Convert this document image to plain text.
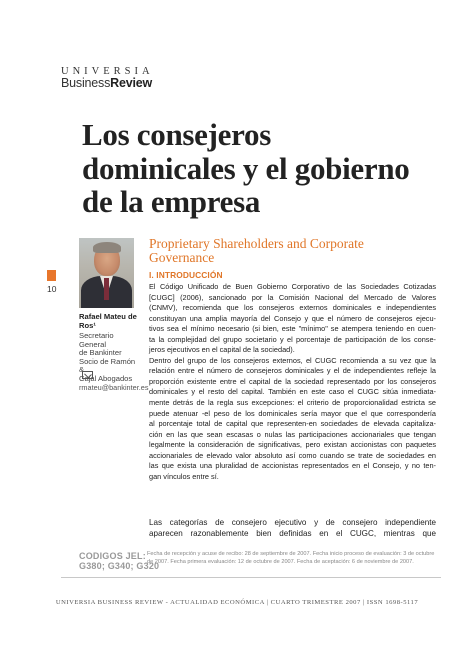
UNIVERSIA
BusinessReview
Los consejeros
dominicales y el gobierno
de la empresa
10
Rafael Mateu de
Ros¹
Secretario General
de Bankinter
Socio de Ramón &
Cajal Abogados
rmateu@bankinter.es
Proprietary Shareholders and Corporate
Governance
I. INTRODUCCIÓN
El Código Unificado de Buen Gobierno Corporativo de las Sociedades Cotizadas
[CUGC] (2006), sancionado por la Comisión Nacional del Mercado de Valores
(CNMV), recomienda que los consejeros externos dominicales e independientes
constituyan una amplia mayoría del Consejo y que el número de consejeros ejecu-
tivos sea el mínimo necesario (si bien, este "mínimo" se atempera teniendo en cuen-
ta la complejidad del grupo societario y el porcentaje de participación de los conse-
jeros ejecutivos en el capital de la sociedad).
Dentro del grupo de los consejeros externos, el CUGC recomienda a su vez que la
relación entre el número de consejeros dominicales y el de independientes refleje la
proporción existente entre el capital de la sociedad representado por los consejeros
dominicales y el resto del capital. También en este caso el CUGC sitúa inmediata-
mente detrás de la regla sus excepciones: el criterio de proporcionalidad estricta se
puede atenuar -el peso de los dominicales sería mayor que el que correspondería
al porcentaje total de capital que representen-en sociedades de elevada capitaliza-
ción en las que sean escasas o nulas las participaciones accionariales que tengan
legalmente la consideración de significativas, pero existan accionistas con paquetes
accionariales de elevado valor absoluto así como cuando se trate de sociedades en
las que exista una pluralidad de accionistas representados en el Consejo, y no ten-
gan vínculos entre sí.
Las categorías de consejero ejecutivo y de consejero independiente
aparecen razonablemente bien definidas en el CUGC, mientras que
CODIGOS JEL:
G380; G340; G320
Fecha de recepción y acuse de recibo: 28 de septiembre de 2007. Fecha inicio proceso de evaluación: 3 de octubre
de 2007. Fecha primera evaluación: 12 de octubre de 2007. Fecha de aceptación: 6 de noviembre de 2007.
UNIVERSIA BUSINESS REVIEW - ACTUALIDAD ECONÓMICA | CUARTO TRIMESTRE 2007 | ISSN 1698-5117
